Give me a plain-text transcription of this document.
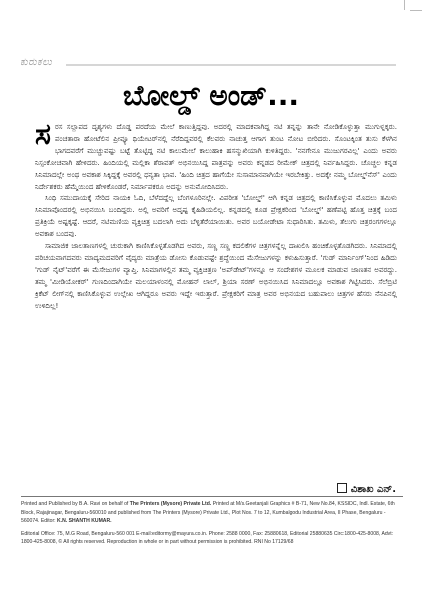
ಕುರುಕಲು
ಬೋಲ್ಡ್ ಅಂಡ್...

ಸರಸ ಸಲ್ಲಾಪದ ದೃಶ್ಯಗಳು ದೊಡ್ಡ ಪರದೆಯ ಮೇಲೆ ಕಾಣುತ್ತಿದ್ದವು. ಅದರಲ್ಲಿ ಮಾದಕವಾಗಿದ್ದ ನಟಿ ತನ್ನನ್ನು ತಾನೇ ನೋಡಿಕೊಳ್ಳುತ್ತಾ ಮುಗುಳ್ನಕ್ಕರು. ಪಂಚತಾರಾ ಹೋಟೆಲಿನ ಪ್ರೀವ್ಯೂ ಥಿಯೇಟರ್‌ನಲ್ಲಿ ನೆರೆದಿದ್ದವರಲ್ಲಿ ಕೆಲವರು ನಾಚುತ್ತ ಆಗಾಗ ತುಂಟ ನೋಟ ಬೀರಿದರು. ಸೊಂಟಕ್ಕಿಂತ ತುಸು ಕೆಳಗಿನ ಭಾಗದವರೆಗೆ ಮುಚ್ಚುವಷ್ಟು ಬಟ್ಟೆ ತೊಟ್ಟಿದ್ದ ನಟಿ ಕಾಲುಮೇಲೆ ಕಾಲುಹಾಕಿ ಹಸನ್ಮುಖಿಯಾಗಿ ಕುಳಿತಿದ್ದರು. 'ನನಗೇನೂ ಮುಜುಗರವಿಲ್ಲ' ಎಂದು ಅವರು ನಿಸ್ಸಂಕೋಚವಾಗಿ ಹೇಳಿದರು. ಹಿಂದಿಯಲ್ಲಿ ಮಲ್ಲಿಕಾ ಶೆರಾವತ್ ಅಭಿನಯಿಸಿದ್ದ ಪಾತ್ರವನ್ನು ಅವರು ಕನ್ನಡದ ರೀಮೇಕ್ ಚಿತ್ರದಲ್ಲಿ ನಿರ್ವಹಿಸಿದ್ದರು. ಚೊಚ್ಚಲ ಕನ್ನಡ ಸಿನಿಮಾದಲ್ಲೇ ಅಂಥ ಅವಕಾಶ ಸಿಕ್ಕಿದ್ದಕ್ಕೆ ಅವರಲ್ಲಿ ಧನ್ಯತಾ ಭಾವ. 'ಹಿಂದಿ ಚಿತ್ರದ ಹಾಗೆಯೇ ಸುಸಾಮಾನವಾಗಿಯೇ ಇರಬೇಕಿತ್ತು. ಅದಕ್ಕೇ ನಮ್ಮ ಬೋಲ್ಡ್‌ನೆಸ್' ಎಂದು ನಿರ್ದೇಶಕರು ಹೆಮ್ಮೆಯಿಂದ ಹೇಳಿಕೊಂಡರೆ, ನಿರ್ಮಾಪಕರೂ ಅದನ್ನು ಅನುಮೋದಿಸಿದರು.

ಸಿಂಧಿ ಸಮುದಾಯಕ್ಕೆ ಸೇರಿದ ನಾಯಕಿ ಓದಿ, ಬೆಳೆದದ್ದೆಲ್ಲ ಬೆಂಗಳೂರಿನಲ್ಲೇ. ವಿಪರೀತ 'ಬೋಲ್ಡ್' ಆಗಿ ಕನ್ನಡ ಚಿತ್ರದಲ್ಲಿ ಕಾಣಿಸಿಕೊಳ್ಳುವ ಮೊದಲು ತಮಿಳು ಸಿನಿಮಾವೊಂದರಲ್ಲಿ ಅಭಿನಯಿಸಿ ಬಂದಿದ್ದರು. ಅಲ್ಲಿ ಅವರಿಗೆ ಅದೃಷ್ಟ ಕೈಹಿಡಿಯಲಿಲ್ಲ. ಕನ್ನಡದಲ್ಲಿ ಕೂಡ ಪ್ರೇಕ್ಷಕರಿಂದ 'ಬೋಲ್ಡ್' ಹಣೆಪಟ್ಟಿ ಹೊತ್ತ ಚಿತ್ರಕ್ಕೆ ಬಂದ ಪ್ರತಿಕ್ರಿಯೆ ಅಷ್ಟಕ್ಕಷ್ಟೆ. ಆದರೆ, ನಟಿಮಣಿಯ ವ್ಯಕ್ತಿಚಿತ್ರ ಬದಲಾಗಿ ಅದು ಬೆಳ್ಳಿತೆರೆಯಾಯಿತು. ಅವರ ಬಯೋಡೇಟಾ ಸುಧಾರಿಸಿತು. ತಮಿಳು, ತೆಲುಗು ಚಿತ್ರರಂಗಗಳಲ್ಲೂ ಅವಕಾಶ ಬಂದವು.

ಸಾಮಾಜಿಕ ಜಾಲತಾಣಗಳಲ್ಲಿ ಚುರುಕಾಗಿ ಕಾಣಿಸಿಕೊಳ್ಳತೊಡಗಿದ ಅವರು, ಸಣ್ಣ ಸಣ್ಣ ಕದಲಿಕೆಗಳ ಚಿತ್ರಗಳನ್ನೆಲ್ಲ ದಾಖಲಿಸಿ ಹಂಚಿಕೊಳ್ಳತೊಡಗಿದರು. ಸಿನಿಮಾದಲ್ಲಿ ಪರಿಚಯವಾಗದವರು ಮಾದ್ಯಮದವರಿಗೆ ವೈದ್ಯರು ಮಾತ್ರೆಯ ಡೋಸು ಕೊಡುವಷ್ಟೇ ಶ್ರದ್ಧೆಯಿಂದ ಮೆಸೇಜುಗಳನ್ನು ಕಳುಹಿಸುತ್ತಾರೆ. 'ಗುಡ್ ಮಾರ್ನಿಂಗ್'ನಿಂದ ಹಿಡಿದು 'ಗುಡ್ ನೈಟ್'ವರೆಗೆ ಈ ಮೆಸೇಜುಗಳ ವ್ಯಾಪ್ತಿ. ಸಿನಿಮಾಗಳಲ್ಲಿನ ತಮ್ಮ ವ್ಯಕ್ತಿಚಿತ್ರಣ 'ಅಪ್‌ಡೇಟ್'ಗಳನ್ನೂ ಆ ಸಂದೇಶಗಳ ಮೂಲಕ ಮಾಡುವ ಜಾಣತನ ಅವರದ್ದು. ತಮ್ಮ 'ಮೀಡಿಯೋಕರ್' ಗುಣದಿಂದಾಗಿಯೇ ಮಲಯಾಳಂನಲ್ಲಿ ಮೋಹನ್ ಲಾಲ್, ಶ್ರಿಯಾ ಸರಣ್ ಅಭಿನಯಿಸಿದ ಸಿನಿಮಾದಲ್ಲೂ ಅವಕಾಶ ಗಿಟ್ಟಿಸಿದರು. ಸೆಲೆಬ್ರಿಟಿ ಕ್ರಿಕೆಟ್ ಲೀಗ್‌ನಲ್ಲಿ ಕಾಣಿಸಿಕೊಳ್ಳುವ ಉಲ್ಲೇಖ ಆಗಿದ್ದರೂ ಅವರು ಇದ್ದೇ ಇರುತ್ತಾರೆ. ಪ್ರೇಕ್ಷಕರಿಗೆ ಮಾತ್ರ ಅವರ ಅಭಿನಯದ ಬಹುಪಾಲು ಚಿತ್ರಗಳ ಹೆಸರು ನೆನಪಿನಲ್ಲಿ ಉಳಿದಿಲ್ಲ!

ವಿಶಾಖ ಎನ್.

Printed and Published by B.A. Ravi on behalf of The Printers (Mysore) Private Ltd. Printed at M/s.Geetanjali Graphics # B-71, New No.84, KSSIDC, Indl. Estate, 6th Block, Rajajinagar, Bengaluru-560010 and published from The Printers (Mysore) Private Ltd., Plot Nos. 7 to 12, Kumbalgodu Industrial Area, II Phase, Bengaluru - 560074. Editor: K.N. SHANTH KUMAR.

Editorial Office: 75, M.G Road, Bengaluru-560 001 E-mail:editormy@mayura.co.in. Phone: 2588 0000, Fax: 25880618, Editorial 25880635 Circ:1800-425-8008, Advt: 1800-425-8008, © All rights reserved. Reproduction in whole or in part without permission is prohibited. RNI No 17129/68
